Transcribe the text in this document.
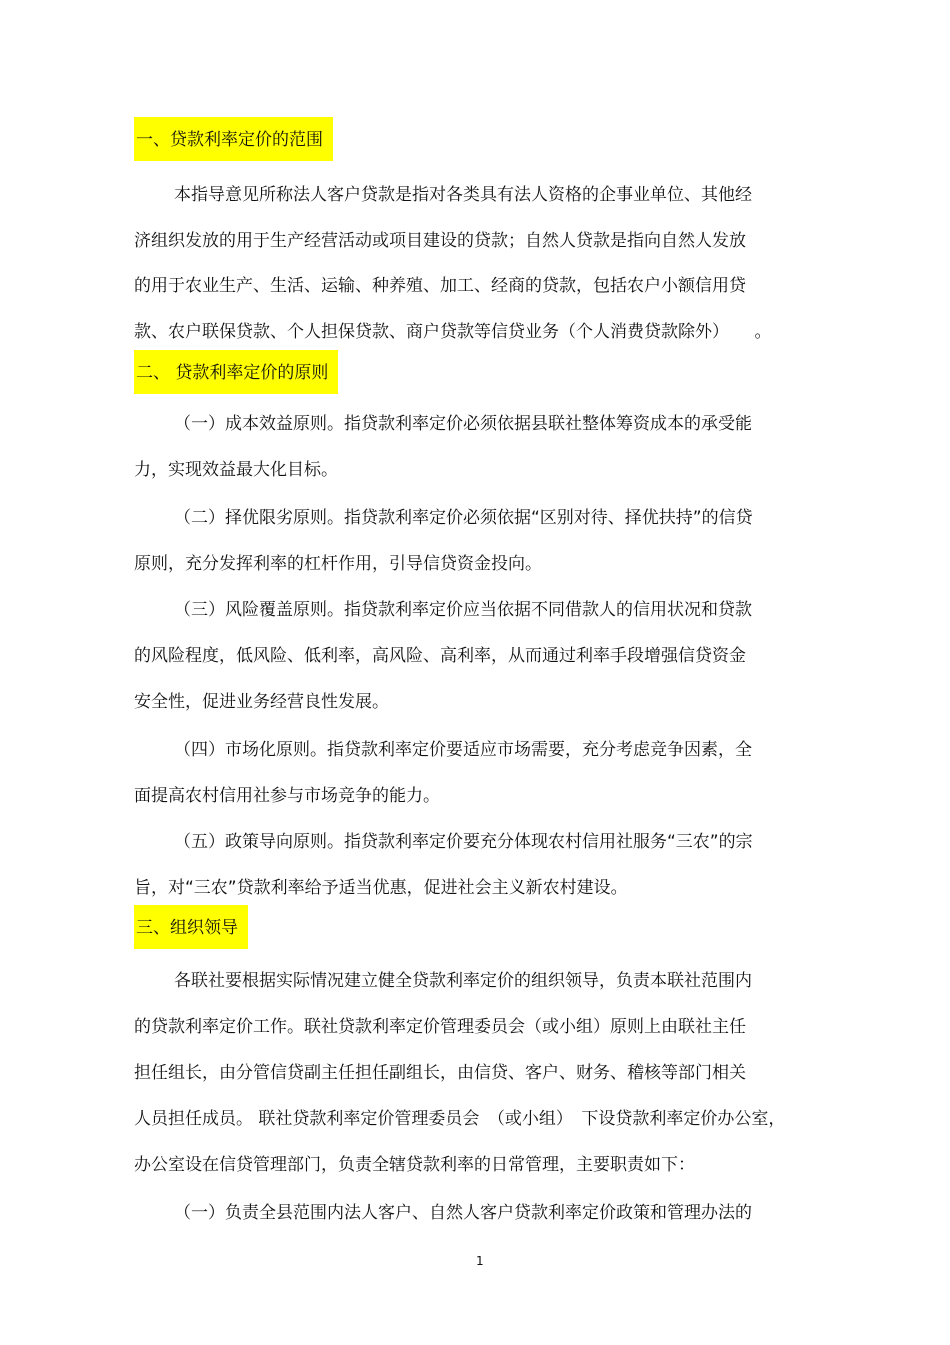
一、贷款利率定价的范围
本指导意见所称法人客户贷款是指对各类具有法人资格的企事业单位、其他经
济组织发放的用于生产经营活动或项目建设的贷款；自然人贷款是指向自然人发放
的用于农业生产、生活、运输、种养殖、加工、经商的贷款，包括农户小额信用贷
款、农户联保贷款、个人担保贷款、商户贷款等信贷业务（个人消费贷款除外）　　。
二、 贷款利率定价的原则
（一）成本效益原则。指贷款利率定价必须依据县联社整体筹资成本的承受能
力，实现效益最大化目标。
（二）择优限劣原则。指贷款利率定价必须依据“区别对待、择优扶持”的信贷
原则，充分发挥利率的杠杆作用，引导信贷资金投向。
（三）风险覆盖原则。指贷款利率定价应当依据不同借款人的信用状况和贷款
的风险程度，低风险、低利率，高风险、高利率，从而通过利率手段增强信贷资金
安全性，促进业务经营良性发展。
（四）市场化原则。指贷款利率定价要适应市场需要，充分考虑竞争因素，全
面提高农村信用社参与市场竞争的能力。
（五）政策导向原则。指贷款利率定价要充分体现农村信用社服务“三农”的宗
旨，对“三农”贷款利率给予适当优惠，促进社会主义新农村建设。
三、组织领导
各联社要根据实际情况建立健全贷款利率定价的组织领导，负责本联社范围内
的贷款利率定价工作。联社贷款利率定价管理委员会（或小组）原则上由联社主任
担任组长，由分管信贷副主任担任副组长，由信贷、客户、财务、稽核等部门相关
人员担任成员。 联社贷款利率定价管理委员会　（或小组）　下设贷款利率定价办公室，
办公室设在信贷管理部门，负责全辖贷款利率的日常管理，主要职责如下：
（一）负责全县范围内法人客户、自然人客户贷款利率定价政策和管理办法的
1
